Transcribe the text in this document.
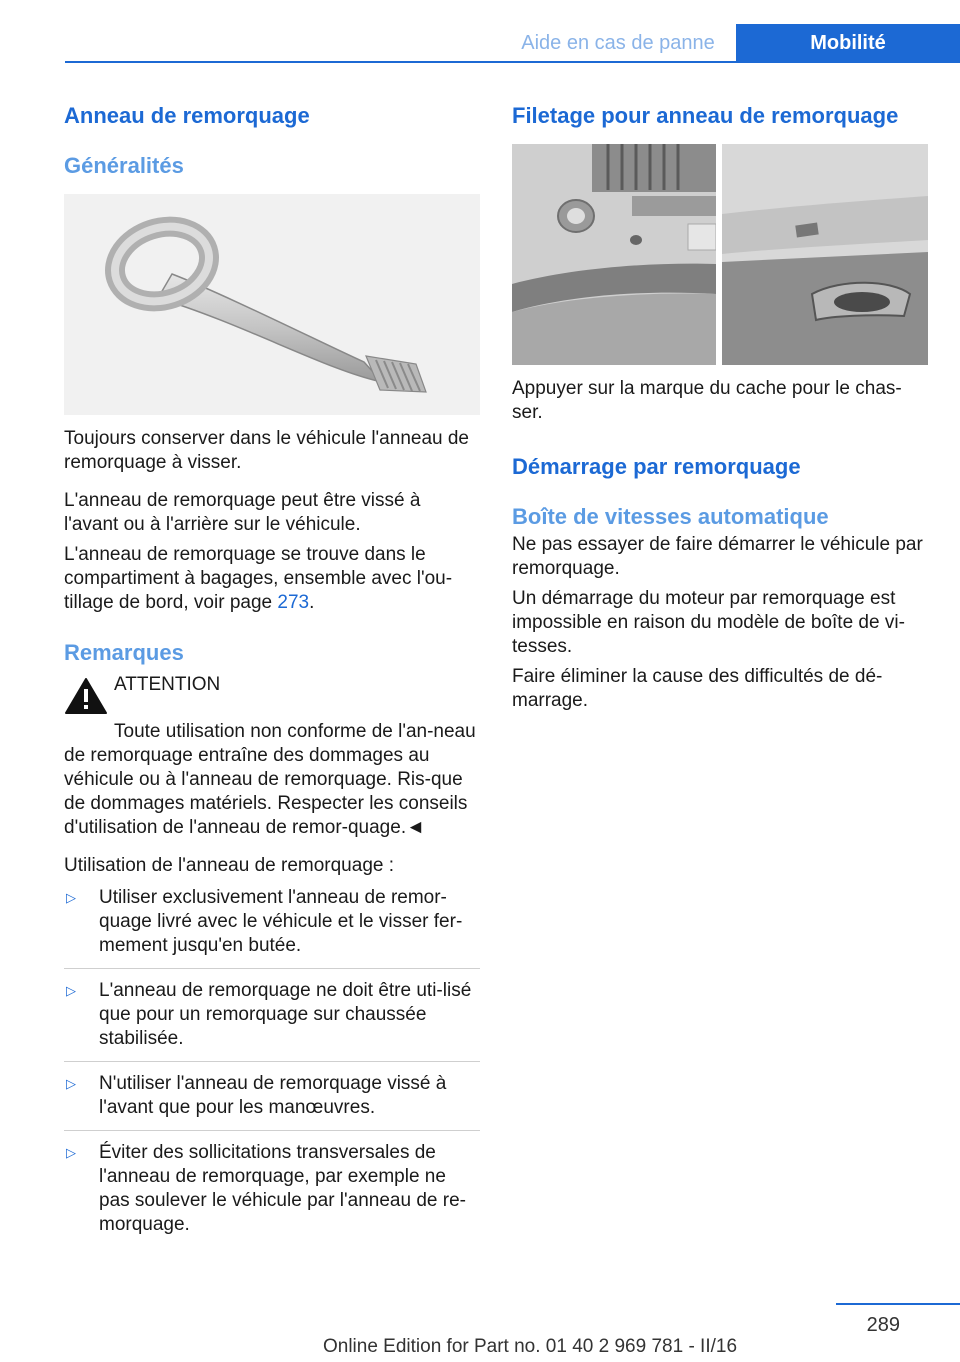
Aide en cas de panne	Mobilité
Anneau de remorquage
Généralités

Toujours conserver dans le véhicule l'anneau de remorquage à visser.

L'anneau de remorquage peut être vissé à l'avant ou à l'arrière sur le véhicule.

L'anneau de remorquage se trouve dans le compartiment à bagages, ensemble avec l'ou-tillage de bord, voir page 273.

Remarques

ATTENTION

Toute utilisation non conforme de l'an-neau de remorquage entraîne des dommages au véhicule ou à l'anneau de remorquage. Ris-que de dommages matériels. Respecter les conseils d'utilisation de l'anneau de remor-quage.◄

Utilisation de l'anneau de remorquage :

▷ Utiliser exclusivement l'anneau de remor-quage livré avec le véhicule et le visser fer-mement jusqu'en butée.
▷ L'anneau de remorquage ne doit être uti-lisé que pour un remorquage sur chaussée stabilisée.
▷ N'utiliser l'anneau de remorquage vissé à l'avant que pour les manœuvres.
▷ Éviter des sollicitations transversales de l'anneau de remorquage, par exemple ne pas soulever le véhicule par l'anneau de re-morquage.
Filetage pour anneau de remorquage

Appuyer sur la marque du cache pour le chas-ser.

Démarrage par remorquage
Boîte de vitesses automatique

Ne pas essayer de faire démarrer le véhicule par remorquage.

Un démarrage du moteur par remorquage est impossible en raison du modèle de boîte de vi-tesses.

Faire éliminer la cause des difficultés de dé-marrage.

289
Online Edition for Part no. 01 40 2 969 781 - II/16
